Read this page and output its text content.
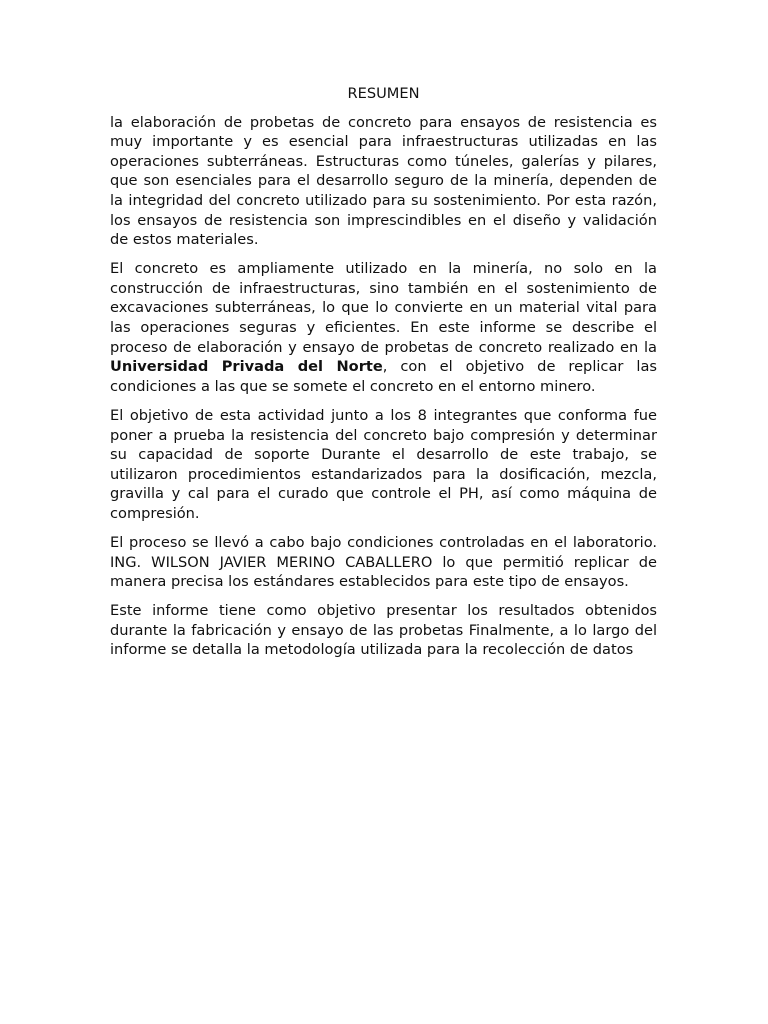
RESUMEN

la elaboración de probetas de concreto para ensayos de resistencia es muy importante y es esencial para infraestructuras utilizadas en las operaciones subterráneas. Estructuras como túneles, galerías y pilares, que son esenciales para el desarrollo seguro de la minería, dependen de la integridad del concreto utilizado para su sostenimiento. Por esta razón, los ensayos de resistencia son imprescindibles en el diseño y validación de estos materiales.

El concreto es ampliamente utilizado en la minería, no solo en la construcción de infraestructuras, sino también en el sostenimiento de excavaciones subterráneas, lo que lo convierte en un material vital para las operaciones seguras y eficientes. En este informe se describe el proceso de elaboración y ensayo de probetas de concreto realizado en la Universidad Privada del Norte, con el objetivo de replicar las condiciones a las que se somete el concreto en el entorno minero.

El objetivo de esta actividad junto a los 8 integrantes que conforma fue poner a prueba la resistencia del concreto bajo compresión y determinar su capacidad de soporte Durante el desarrollo de este trabajo, se utilizaron procedimientos estandarizados para la dosificación, mezcla, gravilla y cal para el curado que controle el PH, así como máquina de compresión.

El proceso se llevó a cabo bajo condiciones controladas en el laboratorio. ING. WILSON JAVIER MERINO CABALLERO lo que permitió replicar de manera precisa los estándares establecidos para este tipo de ensayos.

Este informe tiene como objetivo presentar los resultados obtenidos durante la fabricación y ensayo de las probetas Finalmente, a lo largo del informe se detalla la metodología utilizada para la recolección de datos
